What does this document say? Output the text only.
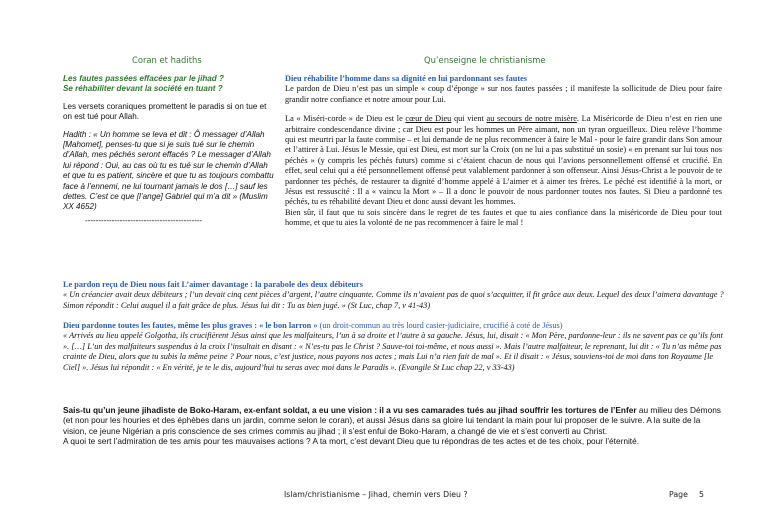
Coran et hadiths	Qu’enseigne le christianisme
Les fautes passées effacées par le jihad ?
Se réhabiliter devant la société en tuant ?

Les versets coraniques promettent le paradis si on tue et on est tué pour Allah.

Hadith : « Un homme se leva et dit : Ô messager d’Allah [Mahomet], penses-tu que si je suis tué sur le chemin d’Allah, mes péchés seront effacés ? Le messager d’Allah lui répond : Oui, au cas où tu es tué sur le chemin d’Allah et que tu es patient, sincère et que tu as toujours combattu face à l’ennemi, ne lui tournant jamais le dos […] sauf les dettes. C’est ce que [l’ange] Gabriel qui m’a dit » (Muslim XX 4652)

--------------------------------------------
Dieu réhabilite l’homme dans sa dignité en lui pardonnant ses fautes

Le pardon de Dieu n’est pas un simple « coup d’éponge » sur nos fautes passées ; il manifeste la sollicitude de Dieu pour faire grandir notre confiance et notre amour pour Lui.

La « Miséri-corde » de Dieu est le cœur de Dieu qui vient au secours de notre misère. La Miséricorde de Dieu n’est en rien une arbitraire condescendance divine ; car Dieu est pour les hommes un Père aimant, non un tyran orgueilleux. Dieu relève l’homme qui est meurtri par la faute commise – et lui demande de ne plus recommencer à faire le Mal - pour le faire grandir dans Son amour et l’attirer à Lui. Jésus le Messie, qui est Dieu, est mort sur la Croix (on ne lui a pas substitué un sosie) « en prenant sur lui tous nos péchés » (y compris les péchés futurs) comme si c’étaient chacun de nous qui l’avions personnellement offensé et crucifié. En effet, seul celui qui a été personnellement offensé peut valablement pardonner à son offenseur. Ainsi Jésus-Christ a le pouvoir de te pardonner tes péchés, de restaurer ta dignité d’homme appelé à L’aimer et à aimer tes frères. Le péché est identifié à la mort, or Jésus est ressuscité : Il a « vaincu la Mort » – Il a donc le pouvoir de nous pardonner toutes nos fautes. Si Dieu a pardonné tes péchés, tu es réhabilité devant Dieu et donc aussi devant les hommes.

Bien sûr, il faut que tu sois sincère dans le regret de tes fautes et que tu aies confiance dans la miséricorde de Dieu pour tout homme, et que tu aies la volonté de ne pas recommencer à faire le mal !

Le pardon reçu de Dieu nous fait L’aimer davantage : la parabole des deux débiteurs

« Un créancier avait deux débiteurs ; l’un devait cinq cent pièces d’argent, l’autre cinquante. Comme ils n’avaient pas de quoi s’acquitter, il fit grâce aux deux. Lequel des deux l’aimera davantage ? Simon répondit : Celui auquel il a fait grâce de plus. Jésus lui dit : Tu as bien jugé. » (St Luc, chap 7, v 41-43)

Dieu pardonne toutes les fautes, même les plus graves : « le bon larron » (un droit-commun au très lourd casier-judiciaire, crucifié à coté de Jésus)

« Arrivés au lieu appelé Golgotha, ils crucifièrent Jésus ainsi que les malfaiteurs, l’un à sa droite et l’autre à sa gauche. Jésus, lui, disait : « Mon Père, pardonne-leur : ils ne savent pas ce qu’ils font ». […] L’un des malfaiteurs suspendus à la croix l’insultait en disant : « N’es-tu pas le Christ ? Sauve-toi toi-même, et nous aussi ». Mais l’autre malfaiteur, le reprenant, lui dit : « Tu n’as même pas crainte de Dieu, alors que tu subis la même peine ? Pour nous, c’est justice, nous payons nos actes ; mais Lui n’a rien fait de mal ». Et il disait : « Jésus, souviens-toi de moi dans ton Royaume [le Ciel] ». Jésus lui répondit : « En vérité, je te le dis, aujourd’hui tu seras avec moi dans le Paradis ». (Evangile St Luc chap 22, v 33-43)

Sais-tu qu’un jeune jihadiste de Boko-Haram, ex-enfant soldat, a eu une vision : il a vu ses camarades tués au jihad souffrir les tortures de l’Enfer au milieu des Démons (et non pour les houries et des éphèbes dans un jardin, comme selon le coran), et aussi Jésus dans sa gloire lui tendant la main pour lui proposer de le suivre. A la suite de la vision, ce jeune Nigérian a pris conscience de ses crimes commis au jihad ; il s’est enfui de Boko-Haram, a changé de vie et s’est converti au Christ.

A quoi te sert l’admiration de tes amis pour tes mauvaises actions ? A ta mort, c’est devant Dieu que tu répondras de tes actes et de tes choix, pour l’éternité.

Islam/christianisme – Jihad, chemin vers Dieu ?	Page 5
